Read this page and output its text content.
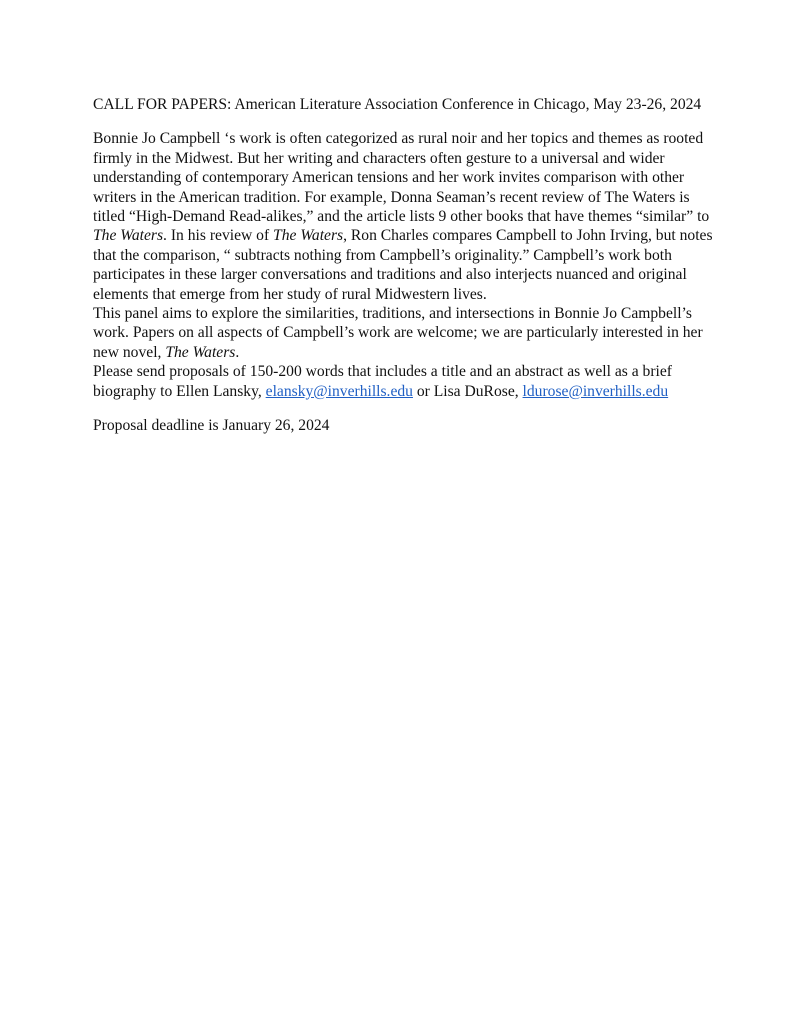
CALL FOR PAPERS: American Literature Association Conference in Chicago, May 23-26, 2024

Bonnie Jo Campbell ‘s work is often categorized as rural noir and her topics and themes as rooted firmly in the Midwest. But her writing and characters often gesture to a universal and wider understanding of contemporary American tensions and her work invites comparison with other writers in the American tradition. For example, Donna Seaman’s recent review of The Waters is titled “High-Demand Read-alikes,” and the article lists 9 other books that have themes “similar” to The Waters. In his review of The Waters, Ron Charles compares Campbell to John Irving, but notes that the comparison, “ subtracts nothing from Campbell’s originality.” Campbell’s work both participates in these larger conversations and traditions and also interjects nuanced and original elements that emerge from her study of rural Midwestern lives.

This panel aims to explore the similarities, traditions, and intersections in Bonnie Jo Campbell’s work. Papers on all aspects of Campbell’s work are welcome; we are particularly interested in her new novel, The Waters.

Please send proposals of 150-200 words that includes a title and an abstract as well as a brief biography to Ellen Lansky, elansky@inverhills.edu or Lisa DuRose, ldurose@inverhills.edu

Proposal deadline is January 26, 2024
